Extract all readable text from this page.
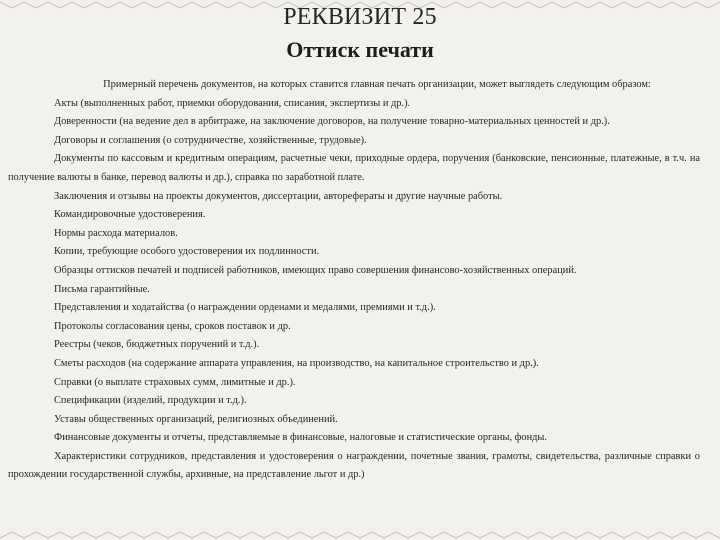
РЕКВИЗИТ 25
Оттиск печати

Примерный перечень документов, на которых ставится главная печать организации, может выглядеть следующим образом:

Акты (выполненных работ, приемки оборудования, списания, экспертизы и др.).

Доверенности (на ведение дел в арбитраже, на заключение договоров, на получение товарно-материальных ценностей и др.).

Договоры и соглашения (о сотрудничестве, хозяйственные, трудовые).

Документы по кассовым и кредитным операциям, расчетные чеки, приходные ордера, поручения (банковские, пенсионные, платежные, в т.ч. на получение валюты в банке, перевод валюты и др.), справка по заработной плате.

Заключения и отзывы на проекты документов, диссертации, авторефераты и другие научные работы.

Командировочные удостоверения.

Нормы расхода материалов.

Копии, требующие особого удостоверения их подлинности.

Образцы оттисков печатей и подписей работников, имеющих право совершения финансово-хозяйственных операций.

Письма гарантийные.

Представления и ходатайства (о награждении орденами и медалями, премиями и т.д.).

Протоколы согласования цены, сроков поставок и др.

Реестры (чеков, бюджетных поручений и т.д.).

Сметы расходов (на содержание аппарата управления, на производство, на капитальное строительство и др.).

Справки (о выплате страховых сумм, лимитные и др.).

Спецификации (изделий, продукции и т.д.).

Уставы общественных организаций, религиозных объединений.

Финансовые документы и отчеты, представляемые в финансовые, налоговые и статистические органы, фонды.

Характеристики сотрудников, представления и удостоверения о награждении, почетные звания, грамоты, свидетельства, различные справки о прохождении государственной службы, архивные, на представление льгот и др.)
